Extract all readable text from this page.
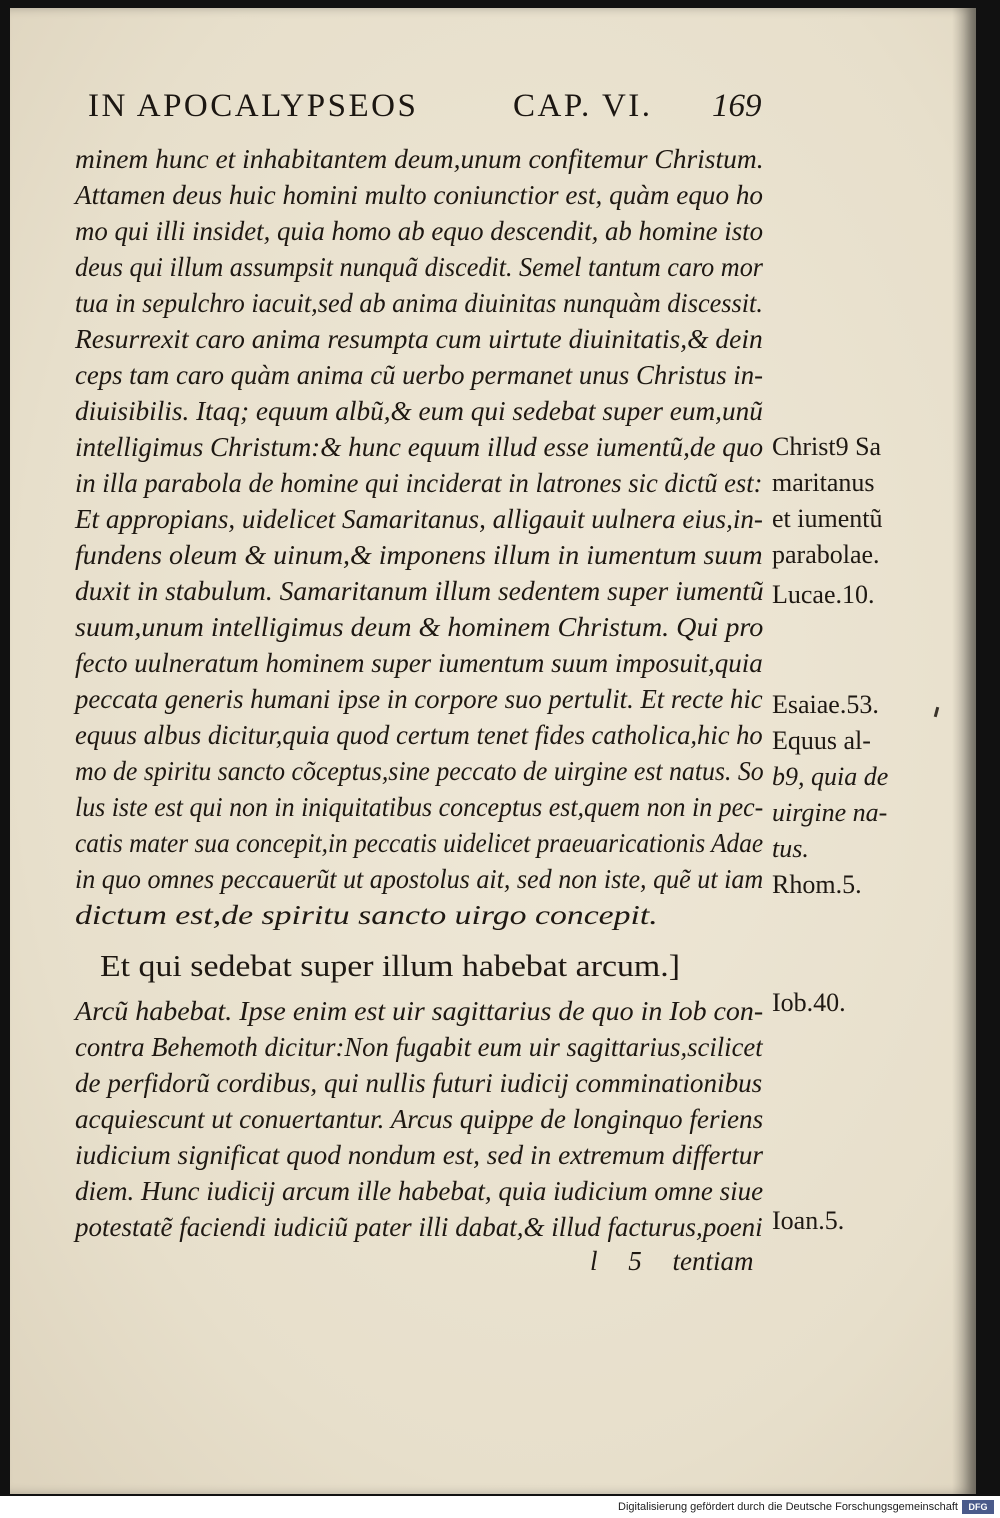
IN APOCALYPSEOS	CAP. VI. 169
minem hunc et inhabitantem deum,unum confitemur Christum.
Attamen deus huic homini multo coniunctior est, quàm equo ho
mo qui illi insidet, quia homo ab equo descendit, ab homine isto
deus qui illum assumpsit nunquã discedit. Semel tantum caro mor
tua in sepulchro iacuit,sed ab anima diuinitas nunquàm discessit.
Resurrexit caro anima resumpta cum uirtute diuinitatis,& dein
ceps tam caro quàm anima cũ uerbo permanet unus Christus in-
diuisibilis. Itaq; equum albũ,& eum qui sedebat super eum,unũ
intelligimus Christum:& hunc equum illud esse iumentũ,de quo
in illa parabola de homine qui inciderat in latrones sic dictũ est:
Et appropians, uidelicet Samaritanus, alligauit uulnera eius,in-
fundens oleum & uinum,& imponens illum in iumentum suum
duxit in stabulum. Samaritanum illum sedentem super iumentũ
suum,unum intelligimus deum & hominem Christum. Qui pro
fecto uulneratum hominem super iumentum suum imposuit,quia
peccata generis humani ipse in corpore suo pertulit. Et recte hic
equus albus dicitur,quia quod certum tenet fides catholica,hic ho
mo de spiritu sancto cõceptus,sine peccato de uirgine est natus. So
lus iste est qui non in iniquitatibus conceptus est,quem non in pec-
catis mater sua concepit,in peccatis uidelicet praeuaricationis Adae
in quo omnes peccauerũt ut apostolus ait, sed non iste, quẽ ut iam
dictum est,de spiritu sancto uirgo concepit.
Et qui sedebat super illum habebat arcum.]
Arcũ habebat. Ipse enim est uir sagittarius de quo in Iob con-
contra Behemoth dicitur:Non fugabit eum uir sagittarius,scilicet
de perfidorũ cordibus, qui nullis futuri iudicij comminationibus
acquiescunt ut conuertantur. Arcus quippe de longinquo feriens
iudicium significat quod nondum est, sed in extremum differtur
diem. Hunc iudicij arcum ille habebat, quia iudicium omne siue
potestatẽ faciendi iudiciũ pater illi dabat,& illud facturus,poeni
l 5 tentiam
Christ9 Sa
maritanus
et iumentũ
parabolae.
Lucae.10.
Esaiae.53.
Equus al-
b9, quia de
uirgine na-
tus.
Rhom.5.
Iob.40.
Ioan.5.
Digitalisierung gefördert durch die Deutsche Forschungsgemeinschaft	DFG
